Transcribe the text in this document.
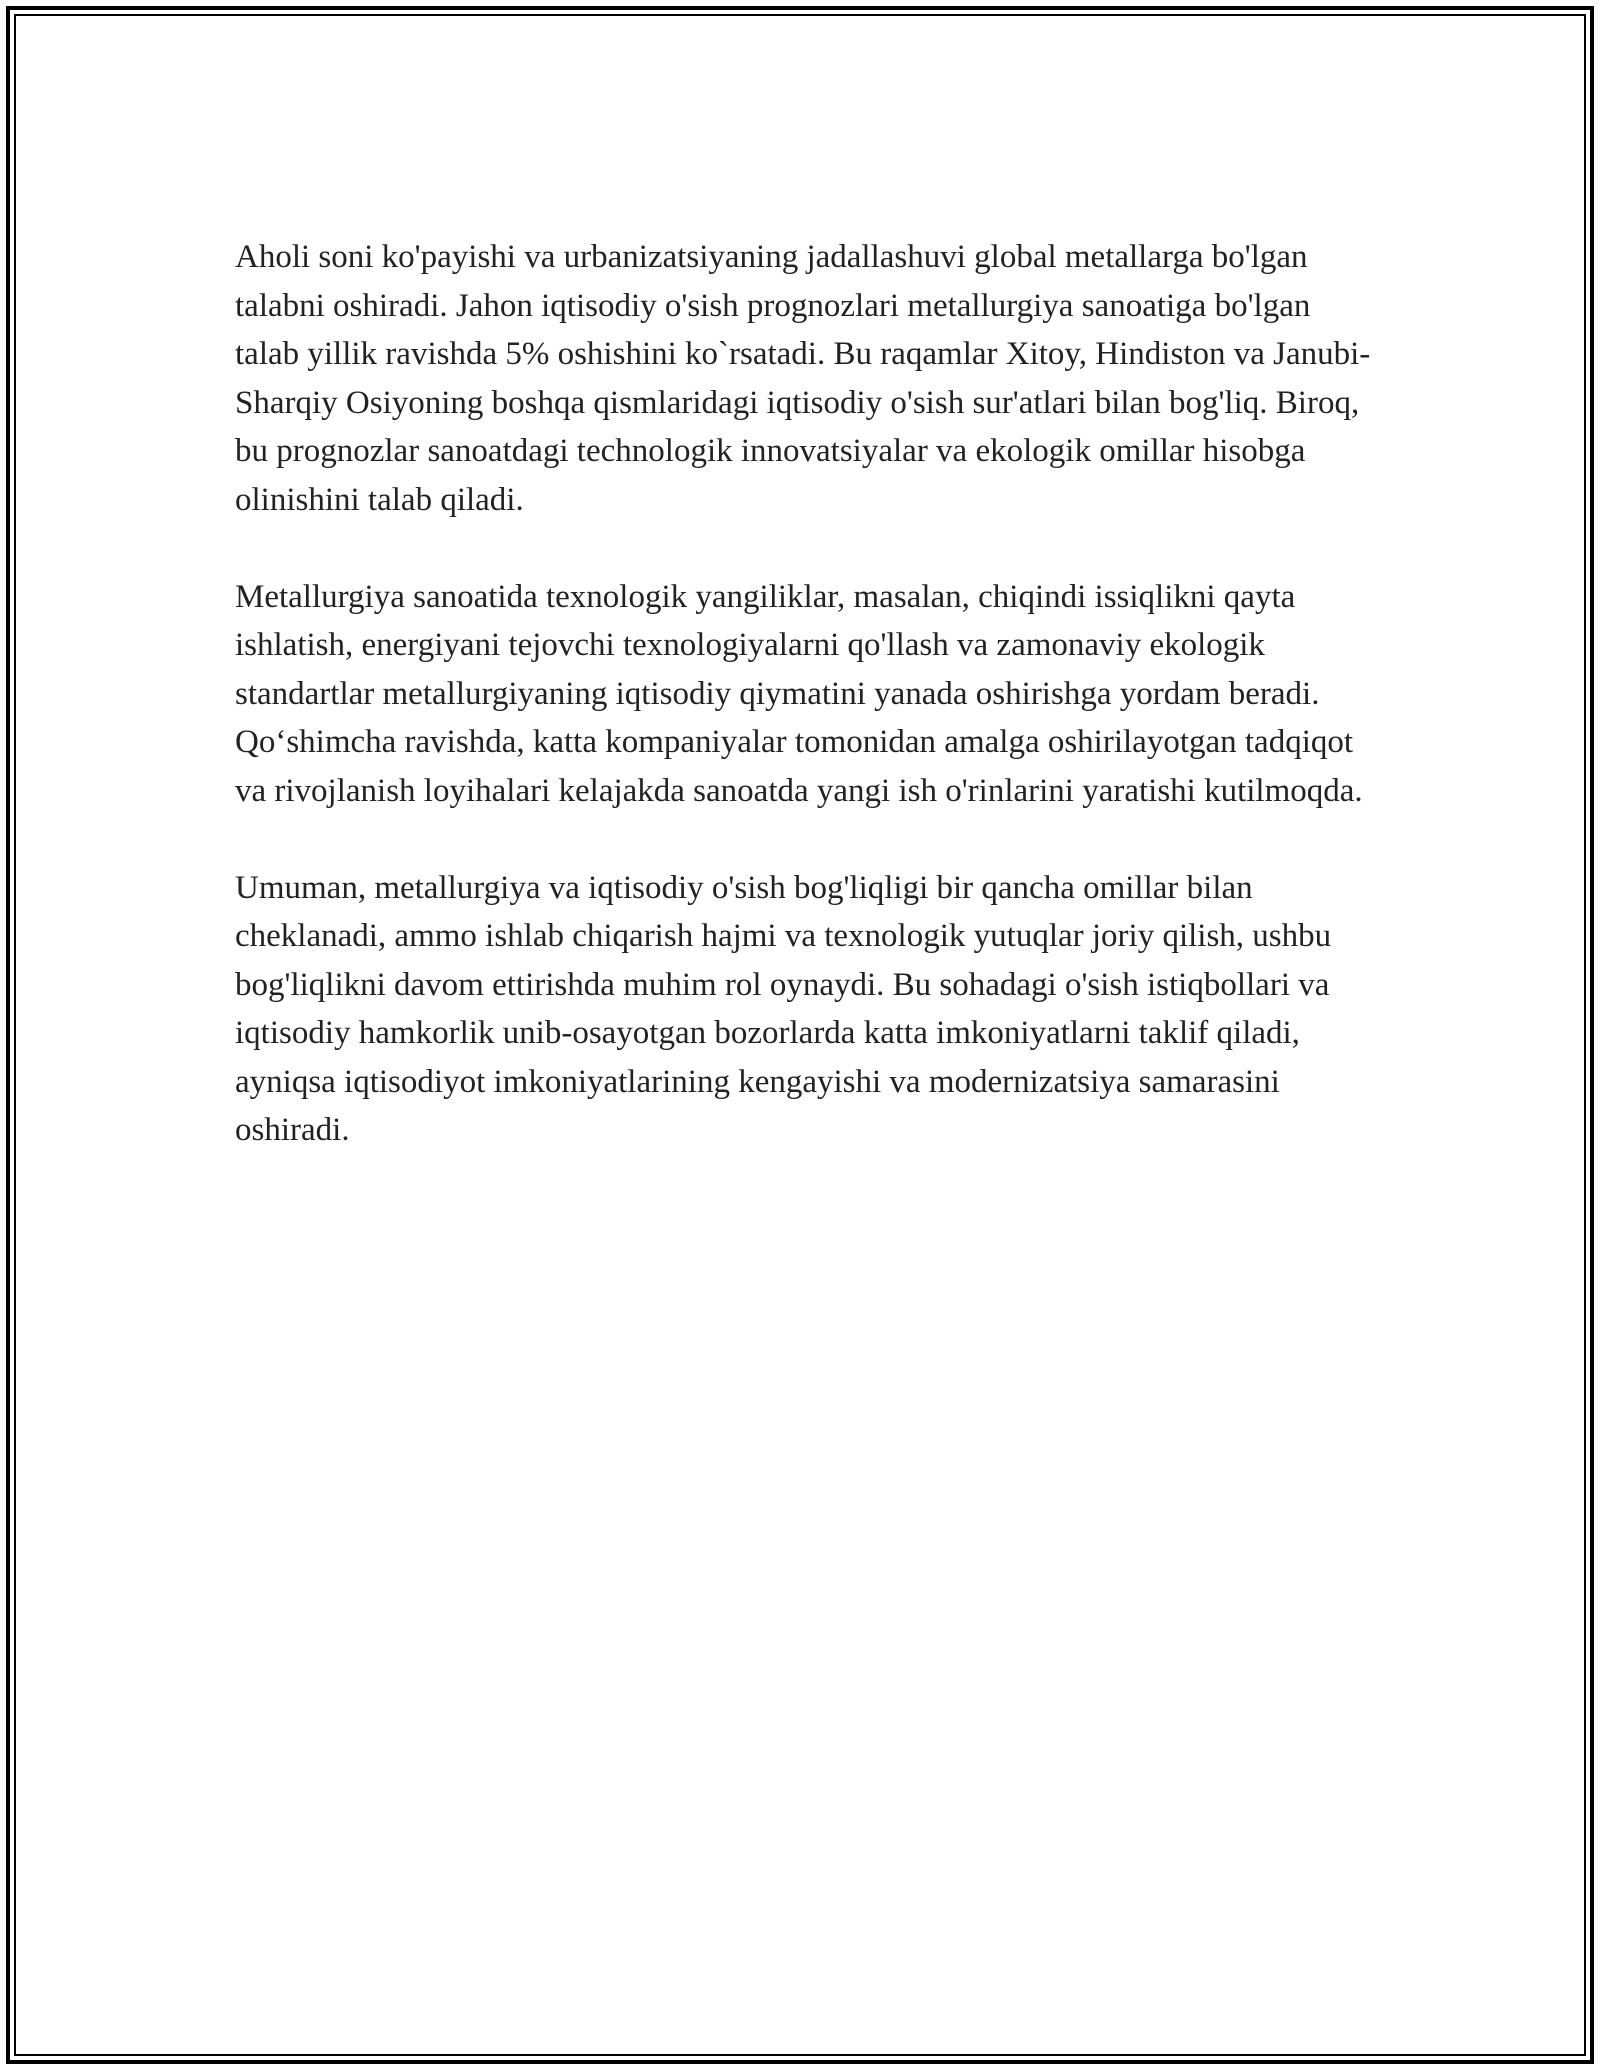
Aholi soni ko'payishi va urbanizatsiyaning jadallashuvi global metallarga bo'lgan talabni oshiradi. Jahon iqtisodiy o'sish prognozlari metallurgiya sanoatiga bo'lgan talab yillik ravishda 5% oshishini ko`rsatadi. Bu raqamlar Xitoy, Hindiston va Janubi-Sharqiy Osiyoning boshqa qismlaridagi iqtisodiy o'sish sur'atlari bilan bog'liq. Biroq, bu prognozlar sanoatdagi technologik innovatsiyalar va ekologik omillar hisobga olinishini talab qiladi.

Metallurgiya sanoatida texnologik yangiliklar, masalan, chiqindi issiqlikni qayta ishlatish, energiyani tejovchi texnologiyalarni qo'llash va zamonaviy ekologik standartlar metallurgiyaning iqtisodiy qiymatini yanada oshirishga yordam beradi. Qo‘shimcha ravishda, katta kompaniyalar tomonidan amalga oshirilayotgan tadqiqot va rivojlanish loyihalari kelajakda sanoatda yangi ish o'rinlarini yaratishi kutilmoqda.

Umuman, metallurgiya va iqtisodiy o'sish bog'liqligi bir qancha omillar bilan cheklanadi, ammo ishlab chiqarish hajmi va texnologik yutuqlar joriy qilish, ushbu bog'liqlikni davom ettirishda muhim rol oynaydi. Bu sohadagi o'sish istiqbollari va iqtisodiy hamkorlik unib-osayotgan bozorlarda katta imkoniyatlarni taklif qiladi, ayniqsa iqtisodiyot imkoniyatlarining kengayishi va modernizatsiya samarasini oshiradi.
